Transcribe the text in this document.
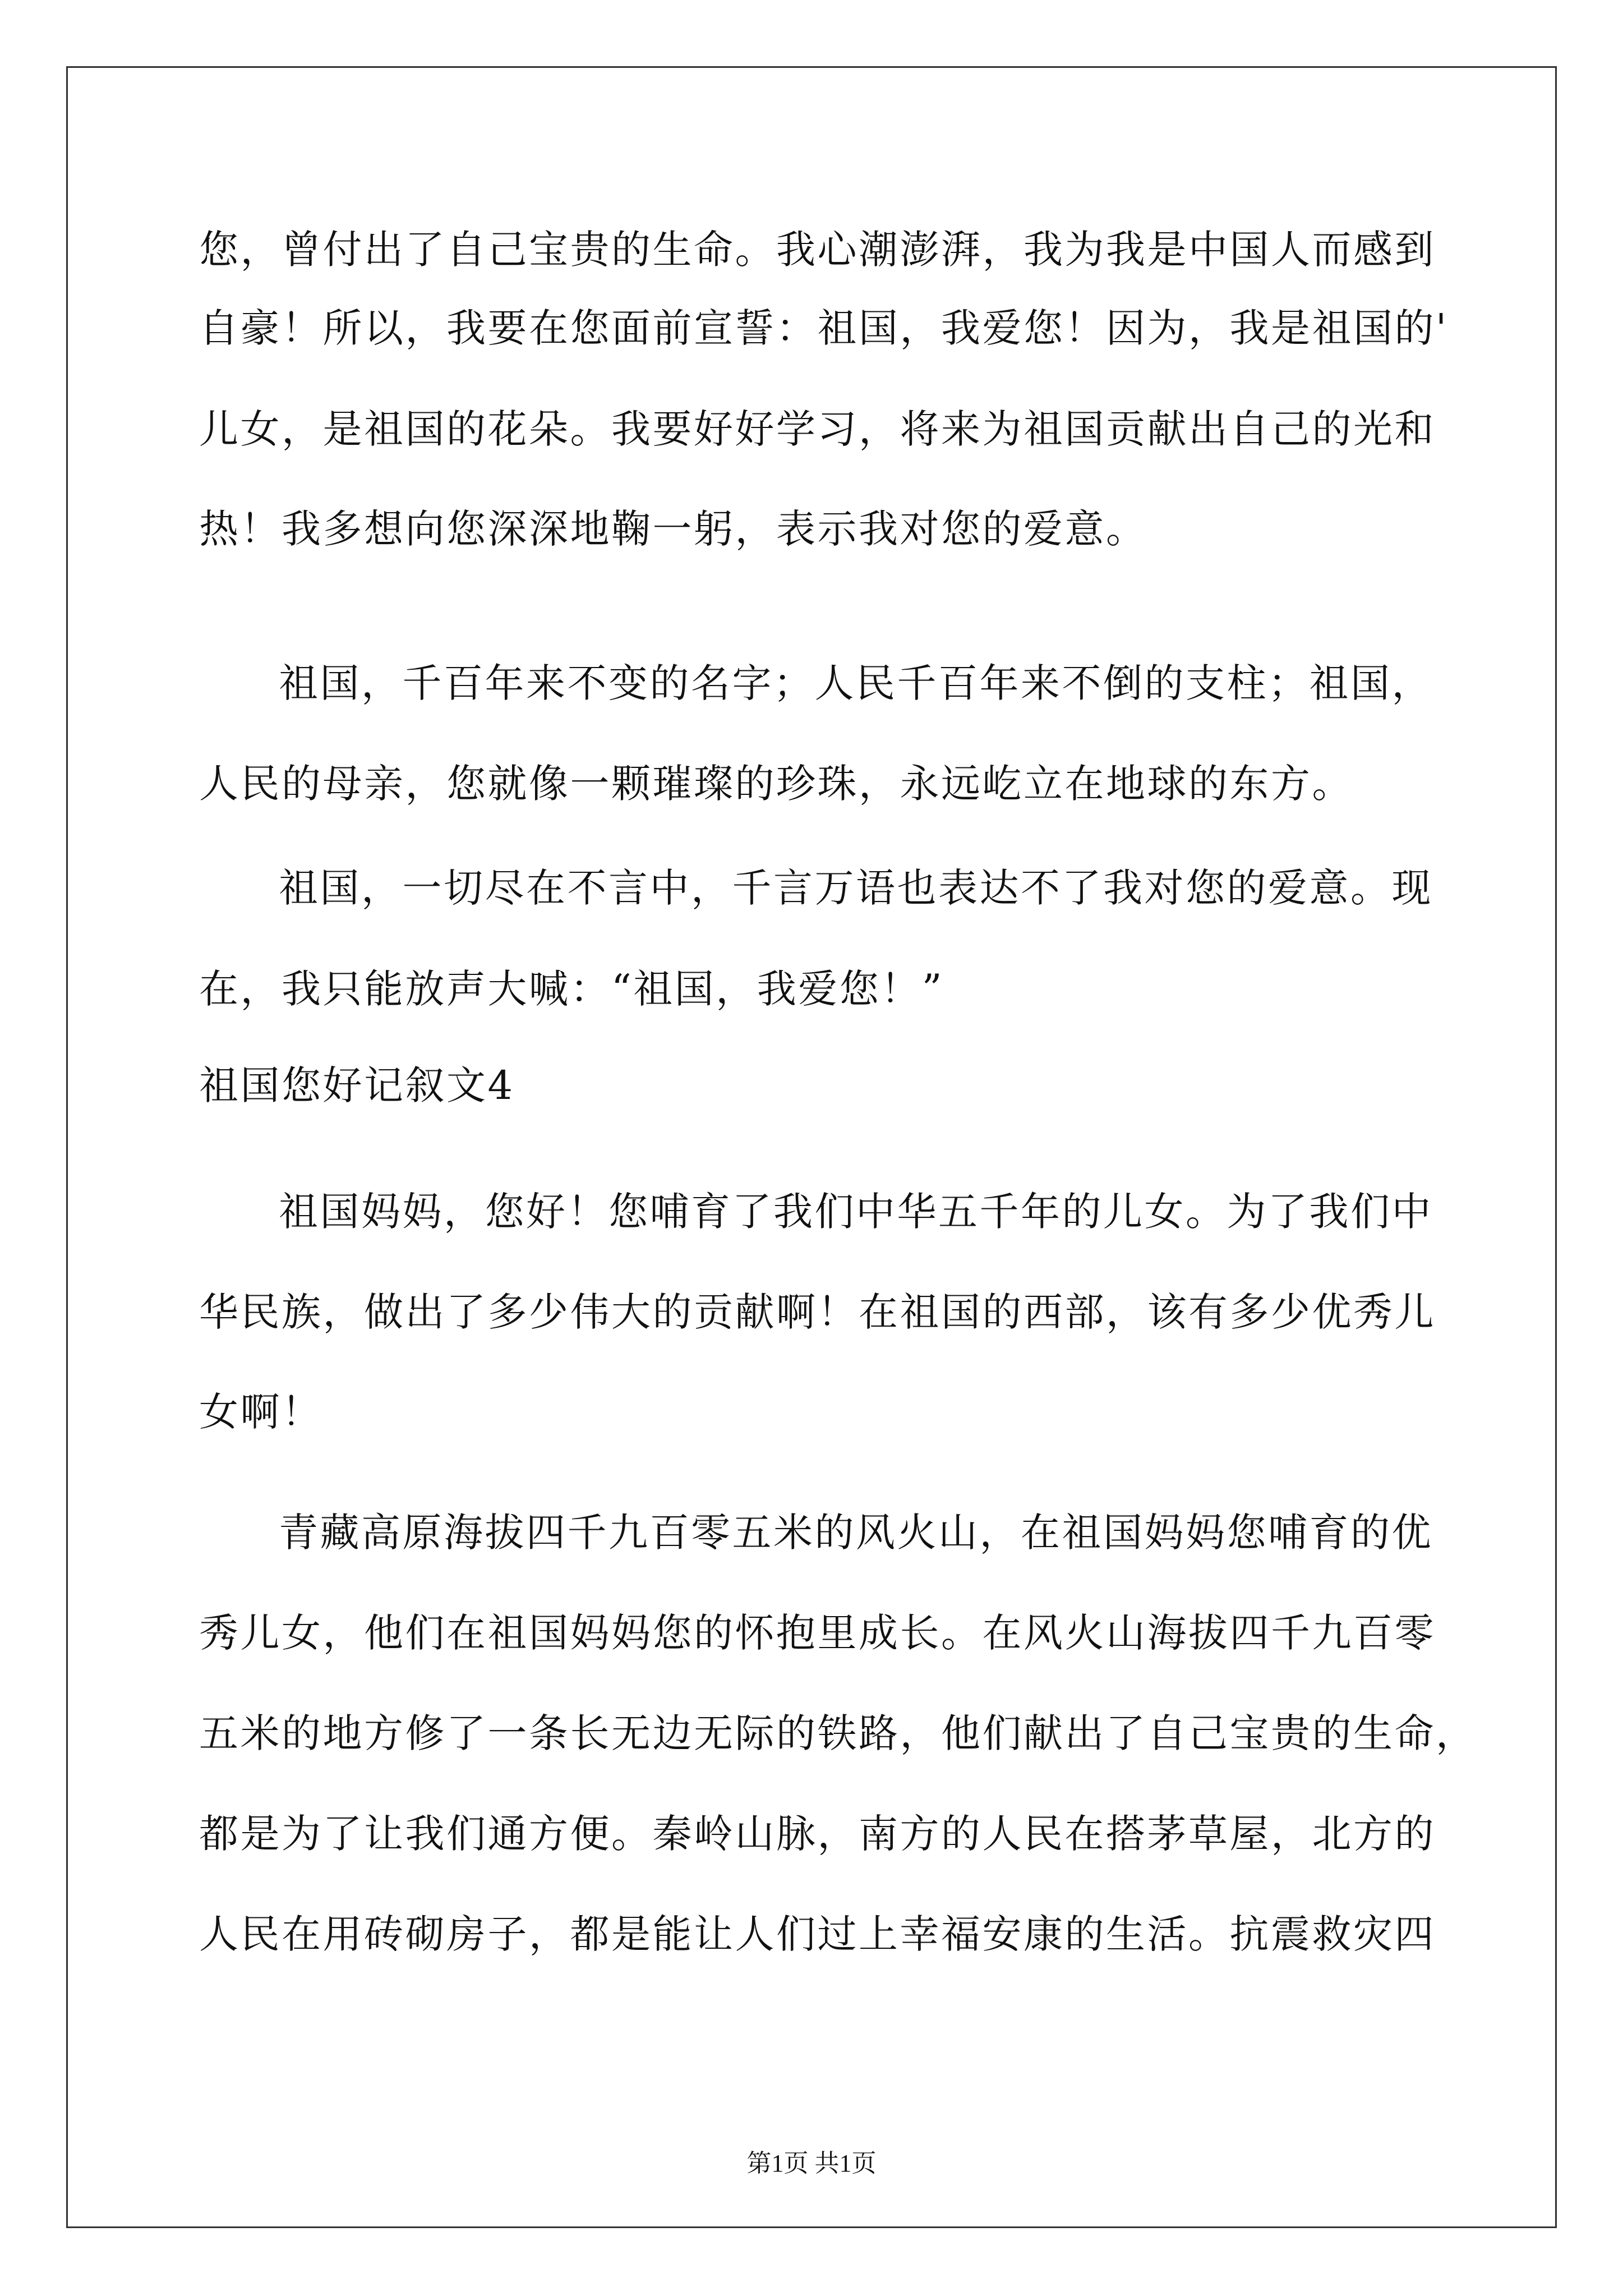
您，曾付出了自己宝贵的生命。我心潮澎湃，我为我是中国人而感到
自豪！所以，我要在您面前宣誓：祖国，我爱您！因为，我是祖国的'
儿女，是祖国的花朵。我要好好学习，将来为祖国贡献出自己的光和
热！我多想向您深深地鞠一躬，表示我对您的爱意。
祖国，千百年来不变的名字；人民千百年来不倒的支柱；祖国，
人民的母亲，您就像一颗璀璨的珍珠，永远屹立在地球的东方。
祖国，一切尽在不言中，千言万语也表达不了我对您的爱意。现
在，我只能放声大喊：“祖国，我爱您！”
祖国您好记叙文4
祖国妈妈，您好！您哺育了我们中华五千年的儿女。为了我们中
华民族，做出了多少伟大的贡献啊！在祖国的西部，该有多少优秀儿
女啊！
青藏高原海拔四千九百零五米的风火山，在祖国妈妈您哺育的优
秀儿女，他们在祖国妈妈您的怀抱里成长。在风火山海拔四千九百零
五米的地方修了一条长无边无际的铁路，他们献出了自己宝贵的生命，
都是为了让我们通方便。秦岭山脉，南方的人民在搭茅草屋，北方的
人民在用砖砌房子，都是能让人们过上幸福安康的生活。抗震救灾四
第1页 共1页
